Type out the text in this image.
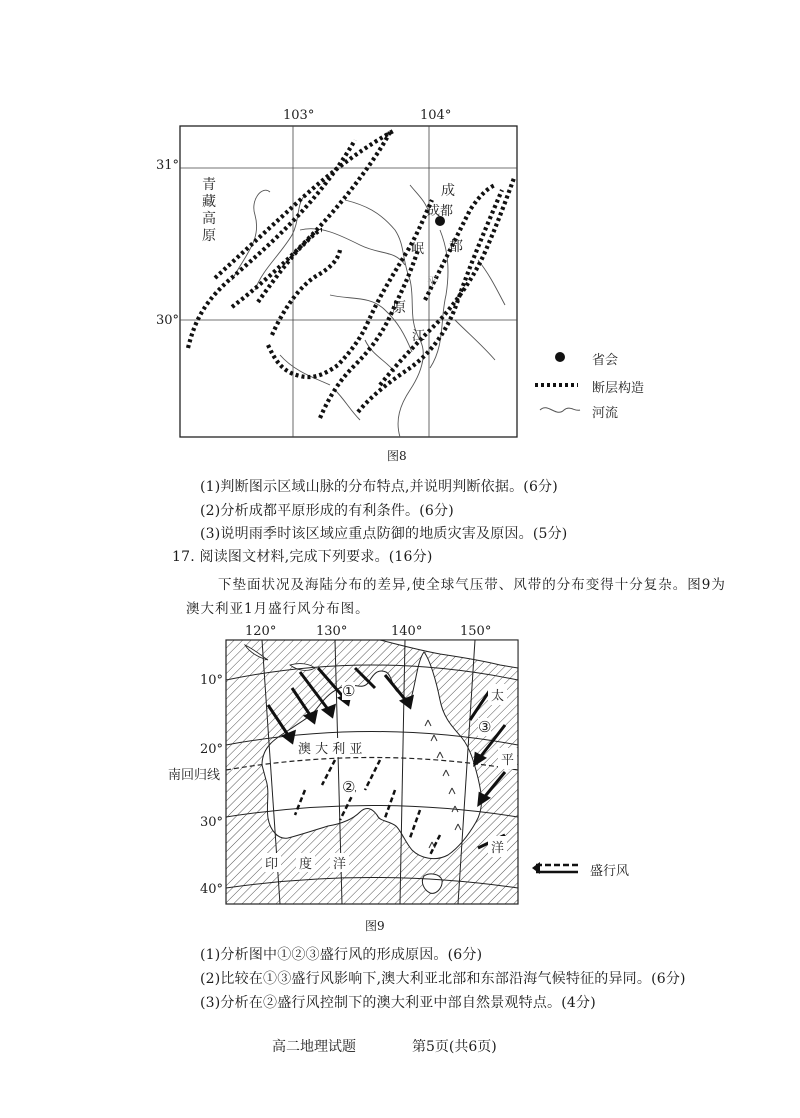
103°	104°
31°
30°
青
藏
高
原
成
成都
都
岷
平
原
江
省会
断层构造
河流
图8
(1)判断图示区域山脉的分布特点,并说明判断依据。(6分)
(2)分析成都平原形成的有利条件。(6分)
(3)说明雨季时该区域应重点防御的地质灾害及原因。(5分)
17. 阅读图文材料,完成下列要求。(16分)
下垫面状况及海陆分布的差异,使全球气压带、风带的分布变得十分复杂。图9为
澳大利亚1月盛行风分布图。
120°	130°	140°	150°
10°
20°
30°
40°
南回归线
澳 大 利 亚
印 度 洋
太
平
洋
①
②
③
盛行风
图9
(1)分析图中①②③盛行风的形成原因。(6分)
(2)比较在①③盛行风影响下,澳大利亚北部和东部沿海气候特征的异同。(6分)
(3)分析在②盛行风控制下的澳大利亚中部自然景观特点。(4分)
高二地理试题	第5页(共6页)
